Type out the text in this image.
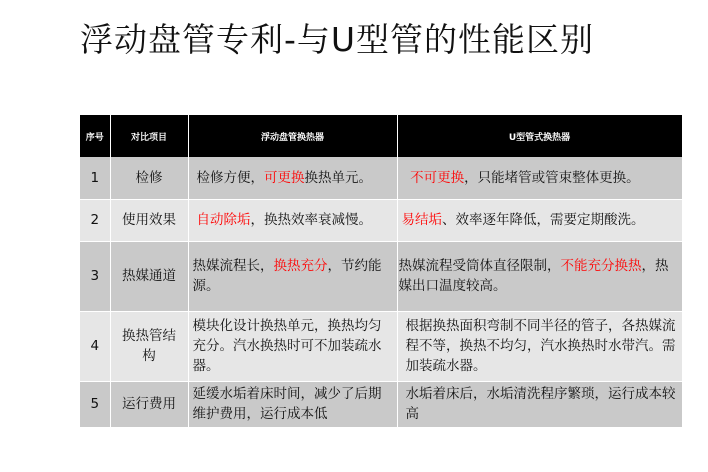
浮动盘管专利-与U型管的性能区别
序号	对比项目	浮动盘管换热器	U型管式换热器
1	检修	检修方便，可更换换热单元。	不可更换，只能堵管或管束整体更换。
2	使用效果	自动除垢，换热效率衰减慢。	易结垢、效率逐年降低，需要定期酸洗。
3	热媒通道	热媒流程长，换热充分，节约能源。	热媒流程受筒体直径限制，不能充分换热，热媒出口温度较高。
4	换热管结构	模块化设计换热单元，换热均匀充分。汽水换热时可不加装疏水器。	根据换热面积弯制不同半径的管子，各热媒流程不等，换热不均匀，汽水换热时水带汽。需加装疏水器。
5	运行费用	延缓水垢着床时间，减少了后期维护费用，运行成本低	水垢着床后，水垢清洗程序繁琐，运行成本较高
